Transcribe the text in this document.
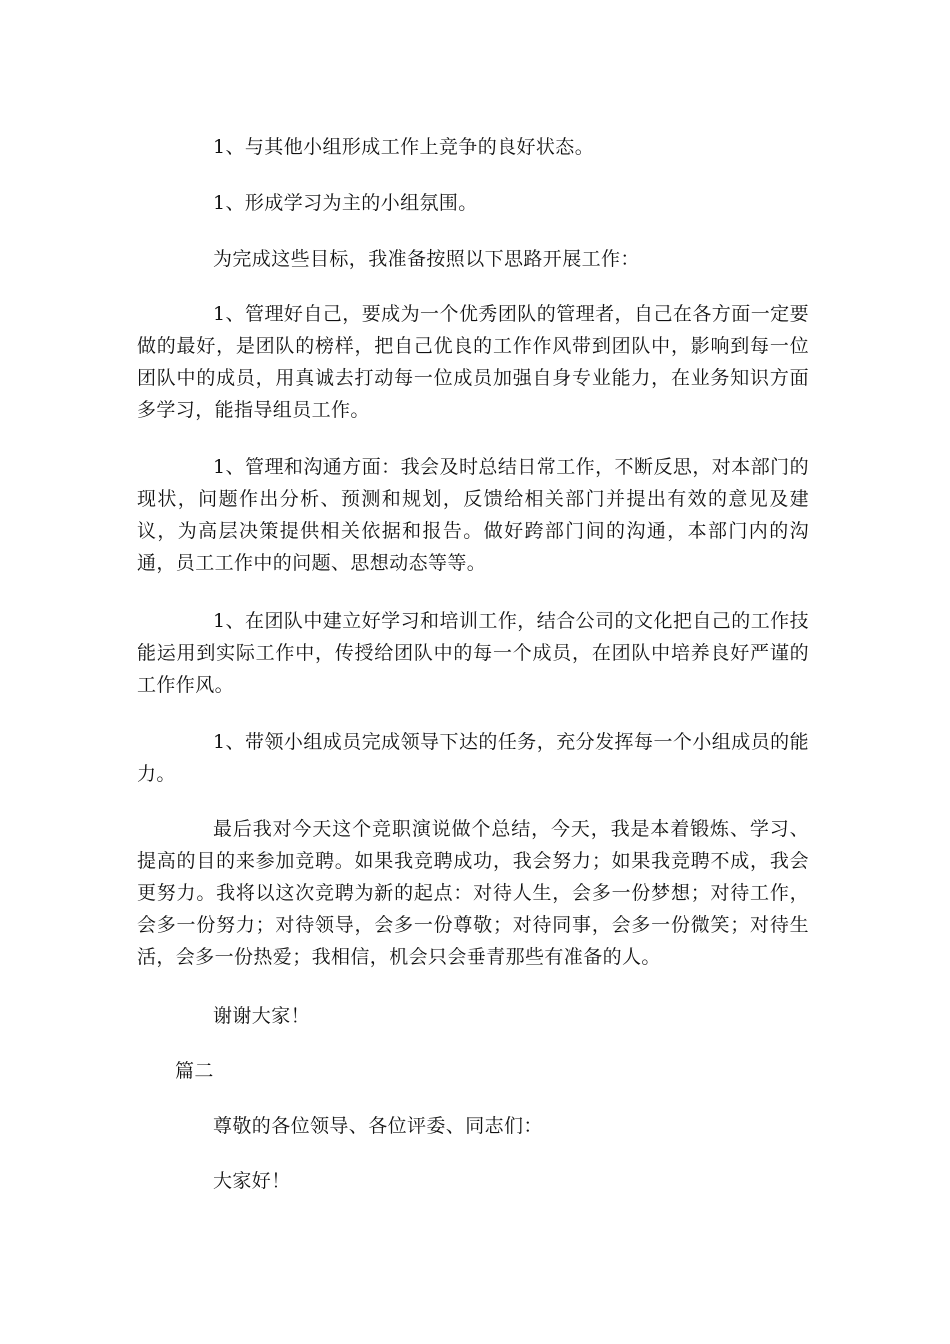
1、与其他小组形成工作上竞争的良好状态。

1、形成学习为主的小组氛围。

为完成这些目标，我准备按照以下思路开展工作：

1、管理好自己，要成为一个优秀团队的管理者，自己在各方面一定要做的最好，是团队的榜样，把自己优良的工作作风带到团队中，影响到每一位团队中的成员，用真诚去打动每一位成员加强自身专业能力，在业务知识方面多学习，能指导组员工作。

1、管理和沟通方面：我会及时总结日常工作，不断反思，对本部门的现状，问题作出分析、预测和规划，反馈给相关部门并提出有效的意见及建议，为高层决策提供相关依据和报告。做好跨部门间的沟通，本部门内的沟通，员工工作中的问题、思想动态等等。

1、在团队中建立好学习和培训工作，结合公司的文化把自己的工作技能运用到实际工作中，传授给团队中的每一个成员，在团队中培养良好严谨的工作作风。

1、带领小组成员完成领导下达的任务，充分发挥每一个小组成员的能力。

最后我对今天这个竞职演说做个总结，今天，我是本着锻炼、学习、提高的目的来参加竞聘。如果我竞聘成功，我会努力；如果我竞聘不成，我会更努力。我将以这次竞聘为新的起点：对待人生，会多一份梦想；对待工作，会多一份努力；对待领导，会多一份尊敬；对待同事，会多一份微笑；对待生活，会多一份热爱；我相信，机会只会垂青那些有准备的人。

谢谢大家！

篇二

尊敬的各位领导、各位评委、同志们：

大家好！
